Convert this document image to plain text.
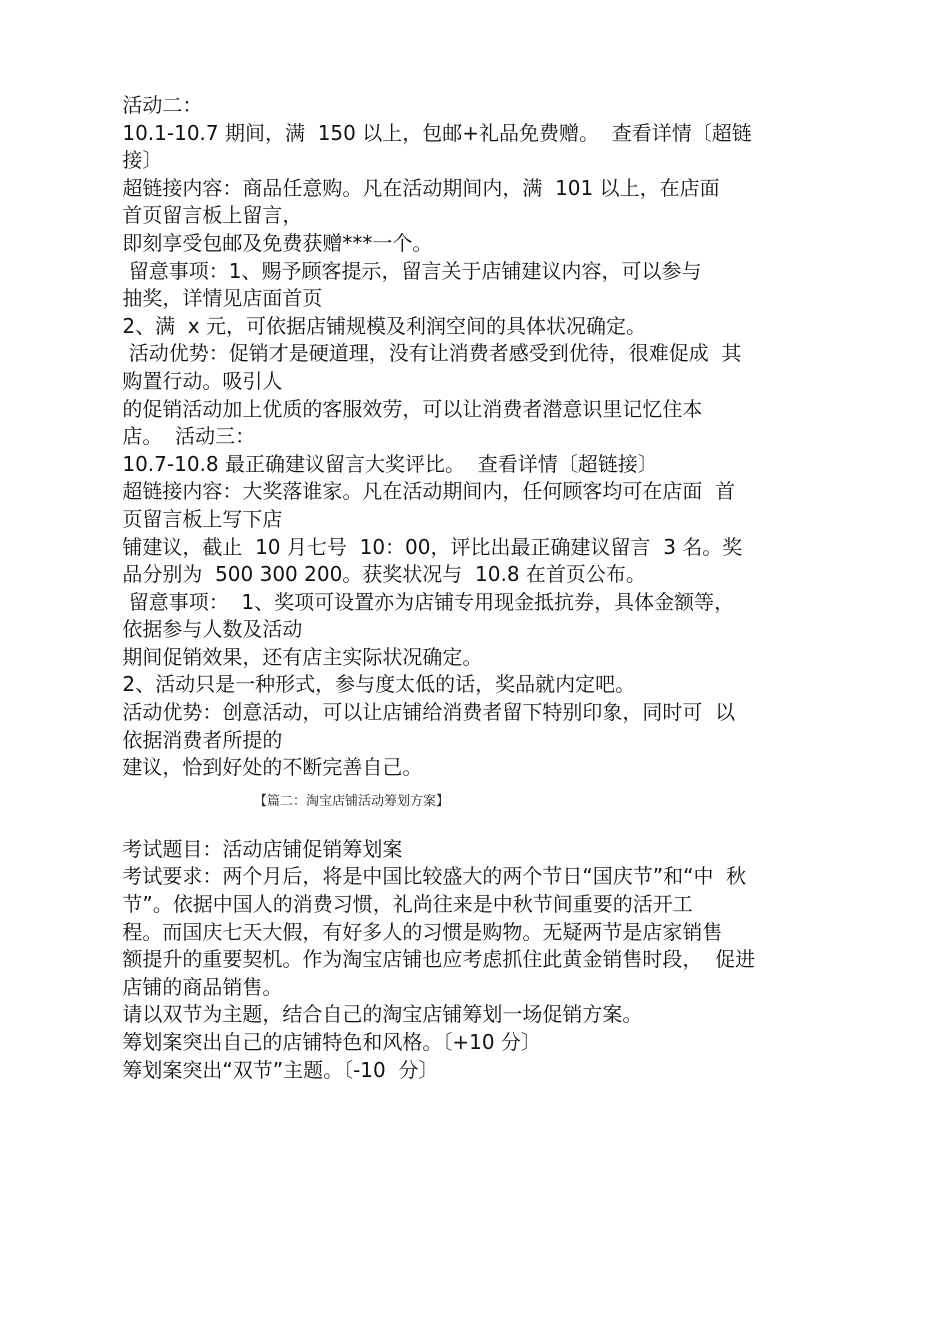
活动二：

10.1-10.7 期间，满  150 以上，包邮+礼品免费赠。  查看详情〔超链

接〕

超链接内容：商品任意购。凡在活动期间内，满  101 以上，在店面

首页留言板上留言，

即刻享受包邮及免费获赠***一个。

留意事项：1、赐予顾客提示，留言关于店铺建议内容，可以参与

抽奖，详情见店面首页

2、满  x 元，可依据店铺规模及利润空间的具体状况确定。

活动优势：促销才是硬道理，没有让消费者感受到优待，很难促成  其

购置行动。吸引人

的促销活动加上优质的客服效劳，可以让消费者潜意识里记忆住本

店。  活动三：

10.7-10.8 最正确建议留言大奖评比。  查看详情〔超链接〕

超链接内容：大奖落谁家。凡在活动期间内，任何顾客均可在店面  首

页留言板上写下店

铺建议，截止  10 月七号  10：00，评比出最正确建议留言  3 名。奖

品分别为  500 300 200。获奖状况与  10.8 在首页公布。

留意事项：  1、奖项可设置亦为店铺专用现金抵抗券，具体金额等，

依据参与人数及活动

期间促销效果，还有店主实际状况确定。

2、活动只是一种形式，参与度太低的话，奖品就内定吧。

活动优势：创意活动，可以让店铺给消费者留下特别印象，同时可  以

依据消费者所提的

建议，恰到好处的不断完善自己。

【篇二：淘宝店铺活动筹划方案】

考试题目：活动店铺促销筹划案

考试要求：两个月后，将是中国比较盛大的两个节日“国庆节”和“中  秋

节”。依据中国人的消费习惯，礼尚往来是中秋节间重要的活开工

程。而国庆七天大假，有好多人的习惯是购物。无疑两节是店家销售

额提升的重要契机。作为淘宝店铺也应考虑抓住此黄金销售时段，  促进

店铺的商品销售。

请以双节为主题，结合自己的淘宝店铺筹划一场促销方案。

筹划案突出自己的店铺特色和风格。〔+10 分〕

筹划案突出“双节”主题。〔-10  分〕
